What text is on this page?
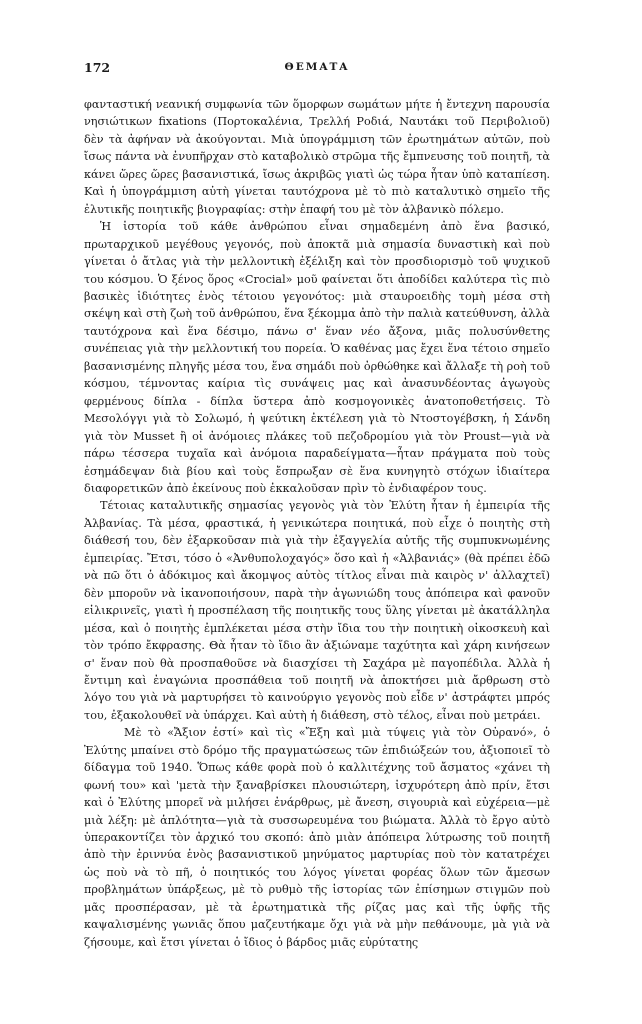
172	ΘΕΜΑΤΑ

φανταστική νεανική συμφωνία τῶν ὅμορφων σωμάτων μήτε ἡ ἔντεχνη παρουσία νησιώτικων fixations (Πορτοκαλένια, Τρελλή Ροδιά, Ναυτάκι τοῦ Περιβολιοῦ) δὲν τὰ ἀφήναν νὰ ἀκούγονται. Μιὰ ὑπογράμμιση τῶν ἐρωτημάτων αὐτῶν, ποὺ ἴσως πάντα νὰ ἐνυπῆρχαν στὸ καταβολικὸ στρῶμα τῆς ἔμπνευσης τοῦ ποιητῆ, τὰ κάνει ὥρες ὥρες βασανιστικά, ἴσως ἀκριβῶς γιατὶ ὡς τώρα ἦταν ὑπὸ καταπίεση. Καὶ ἡ ὑπογράμμιση αὐτὴ γίνεται ταυτόχρονα μὲ τὸ πιὸ καταλυτικὸ σημεῖο τῆς ἐλυτικῆς ποιητικῆς βιογραφίας: στὴν ἐπαφή του μὲ τὸν ἀλβανικὸ πόλεμο.

Ἡ ἱστορία τοῦ κάθε ἀνθρώπου εἶναι σημαδεμένη ἀπὸ ἕνα βασικό, πρωταρχικοῦ μεγέθους γεγονός, ποὺ ἀποκτᾶ μιὰ σημασία δυναστικὴ καὶ ποὺ γίνεται ὁ ἄτλας γιὰ τὴν μελλοντικὴ ἐξέλιξη καὶ τὸν προσδιορισμὸ τοῦ ψυχικοῦ του κόσμου. Ὁ ξένος ὅρος «Crocial» μοῦ φαίνεται ὅτι ἀποδίδει καλύτερα τὶς πιὸ βασικὲς ἰδιότητες ἑνὸς τέτοιου γεγονότος: μιὰ σταυροειδὴς τομὴ μέσα στὴ σκέψη καὶ στὴ ζωὴ τοῦ ἀνθρώπου, ἕνα ξέκομμα ἀπὸ τὴν παλιὰ κατεύθυνση, ἀλλὰ ταυτόχρονα καὶ ἕνα δέσιμο, πάνω σ' ἕναν νέο ἄξονα, μιᾶς πολυσύνθετης συνέπειας γιὰ τὴν μελλοντική του πορεία. Ὁ καθένας μας ἔχει ἕνα τέτοιο σημεῖο βασανισμένης πληγῆς μέσα του, ἕνα σημάδι ποὺ ὀρθώθηκε καὶ ἄλλαξε τὴ ροὴ τοῦ κόσμου, τέμνοντας καίρια τὶς συνάψεις μας καὶ ἀνασυνδέοντας ἀγωγοὺς φερμένους δίπλα - δίπλα ὕστερα ἀπὸ κοσμογονικὲς ἀνατοποθετήσεις. Τὸ Μεσολόγγι γιὰ τὸ Σολωμό, ἡ ψεύτικη ἐκτέλεση γιὰ τὸ Ντοστογέβσκη, ἡ Σάνδη γιὰ τὸν Musset ἢ οἱ ἀνόμοιες πλάκες τοῦ πεζοδρομίου γιὰ τὸν Proust—γιὰ νὰ πάρω τέσσερα τυχαῖα καὶ ἀνόμοια παραδείγματα—ἦταν πράγματα ποὺ τοὺς ἐσημάδεψαν διὰ βίου καὶ τοὺς ἔσπρωξαν σὲ ἕνα κυνηγητὸ στόχων ἰδιαίτερα διαφορετικῶν ἀπὸ ἐκείνους ποὺ ἐκκαλοῦσαν πρὶν τὸ ἐνδιαφέρον τους.

Τέτοιας καταλυτικῆς σημασίας γεγονὸς γιὰ τὸν Ἐλύτη ἦταν ἡ ἐμπειρία τῆς Ἀλβανίας. Τὰ μέσα, φραστικά, ἡ γενικώτερα ποιητικά, ποὺ εἶχε ὁ ποιητὴς στὴ διάθεσή του, δὲν ἐξαρκοῦσαν πιὰ γιὰ τὴν ἐξαγγελία αὐτῆς τῆς συμπυκνωμένης ἐμπειρίας. Ἔτσι, τόσο ὁ «Ἀνθυπολοχαγός» ὅσο καὶ ἡ «Ἀλβανιάς» (θὰ πρέπει ἐδῶ νὰ πῶ ὅτι ὁ ἀδόκιμος καὶ ἄκομψος αὐτὸς τίτλος εἶναι πιὰ καιρὸς ν' ἀλλαχτεῖ) δὲν μποροῦν νὰ ἱκανοποιήσουν, παρὰ τὴν ἀγωνιώδη τους ἀπόπειρα καὶ φανοῦν εἰλικρινεῖς, γιατὶ ἡ προσπέλαση τῆς ποιητικῆς τους ὕλης γίνεται μὲ ἀκατάλληλα μέσα, καὶ ὁ ποιητὴς ἐμπλέκεται μέσα στὴν ἴδια του τὴν ποιητικὴ οἰκοσκευὴ καὶ τὸν τρόπο ἔκφρασης. Θὰ ἦταν τὸ ἴδιο ἂν ἀξιώναμε ταχύτητα καὶ χάρη κινήσεων σ' ἕναν ποὺ θὰ προσπαθοῦσε νὰ διασχίσει τὴ Σαχάρα μὲ παγοπέδιλα. Ἀλλὰ ἡ ἔντιμη καὶ ἐναγώνια προσπάθεια τοῦ ποιητῆ νὰ ἀποκτήσει μιὰ ἄρθρωση στὸ λόγο του γιὰ νὰ μαρτυρήσει τὸ καινούργιο γεγονὸς ποὺ εἶδε ν' ἀστράφτει μπρός του, ἐξακολουθεῖ νὰ ὑπάρχει. Καὶ αὐτὴ ἡ διάθεση, στὸ τέλος, εἶναι ποὺ μετράει.

Μὲ τὸ «Ἄξιον ἐστί» καὶ τὶς «Ἔξη καὶ μιὰ τύψεις γιὰ τὸν Οὐρανό», ὁ Ἐλύτης μπαίνει στὸ δρόμο τῆς πραγματώσεως τῶν ἐπιδιώξεών του, ἀξιοποιεῖ τὸ δίδαγμα τοῦ 1940. Ὅπως κάθε φορὰ ποὺ ὁ καλλιτέχνης τοῦ ἄσματος «χάνει τὴ φωνή του» καὶ 'μετὰ τὴν ξαναβρίσκει πλουσιώτερη, ἰσχυρότερη ἀπὸ πρίν, ἔτσι καὶ ὁ Ἐλύτης μπορεῖ νὰ μιλήσει ἐνάρθρως, μὲ ἄνεση, σιγουριὰ καὶ εὐχέρεια—μὲ μιὰ λέξη: μὲ ἁπλότητα—γιὰ τὰ συσσωρευμένα του βιώματα. Ἀλλὰ τὸ ἔργο αὐτὸ ὑπερακοντίζει τὸν ἀρχικό του σκοπό: ἀπὸ μιὰν ἀπόπειρα λύτρωσης τοῦ ποιητῆ ἀπὸ τὴν ἐριννύα ἑνὸς βασανιστικοῦ μηνύματος μαρτυρίας ποὺ τὸν κατατρέχει ὡς ποὺ νὰ τὸ πῆ, ὁ ποιητικός του λόγος γίνεται φορέας ὅλων τῶν ἄμεσων προβλημάτων ὑπάρξεως, μὲ τὸ ρυθμὸ τῆς ἱστορίας τῶν ἐπίσημων στιγμῶν ποὺ μᾶς προσπέρασαν, μὲ τὰ ἐρωτηματικὰ τῆς ρίζας μας καὶ τῆς ὑφῆς τῆς καψαλισμένης γωνιᾶς ὅπου μαζευτήκαμε ὄχι γιὰ νὰ μὴν πεθάνουμε, μὰ γιὰ νὰ ζήσουμε, καὶ ἔτσι γίνεται ὁ ἴδιος ὁ βάρδος μιᾶς εὐρύτατης
